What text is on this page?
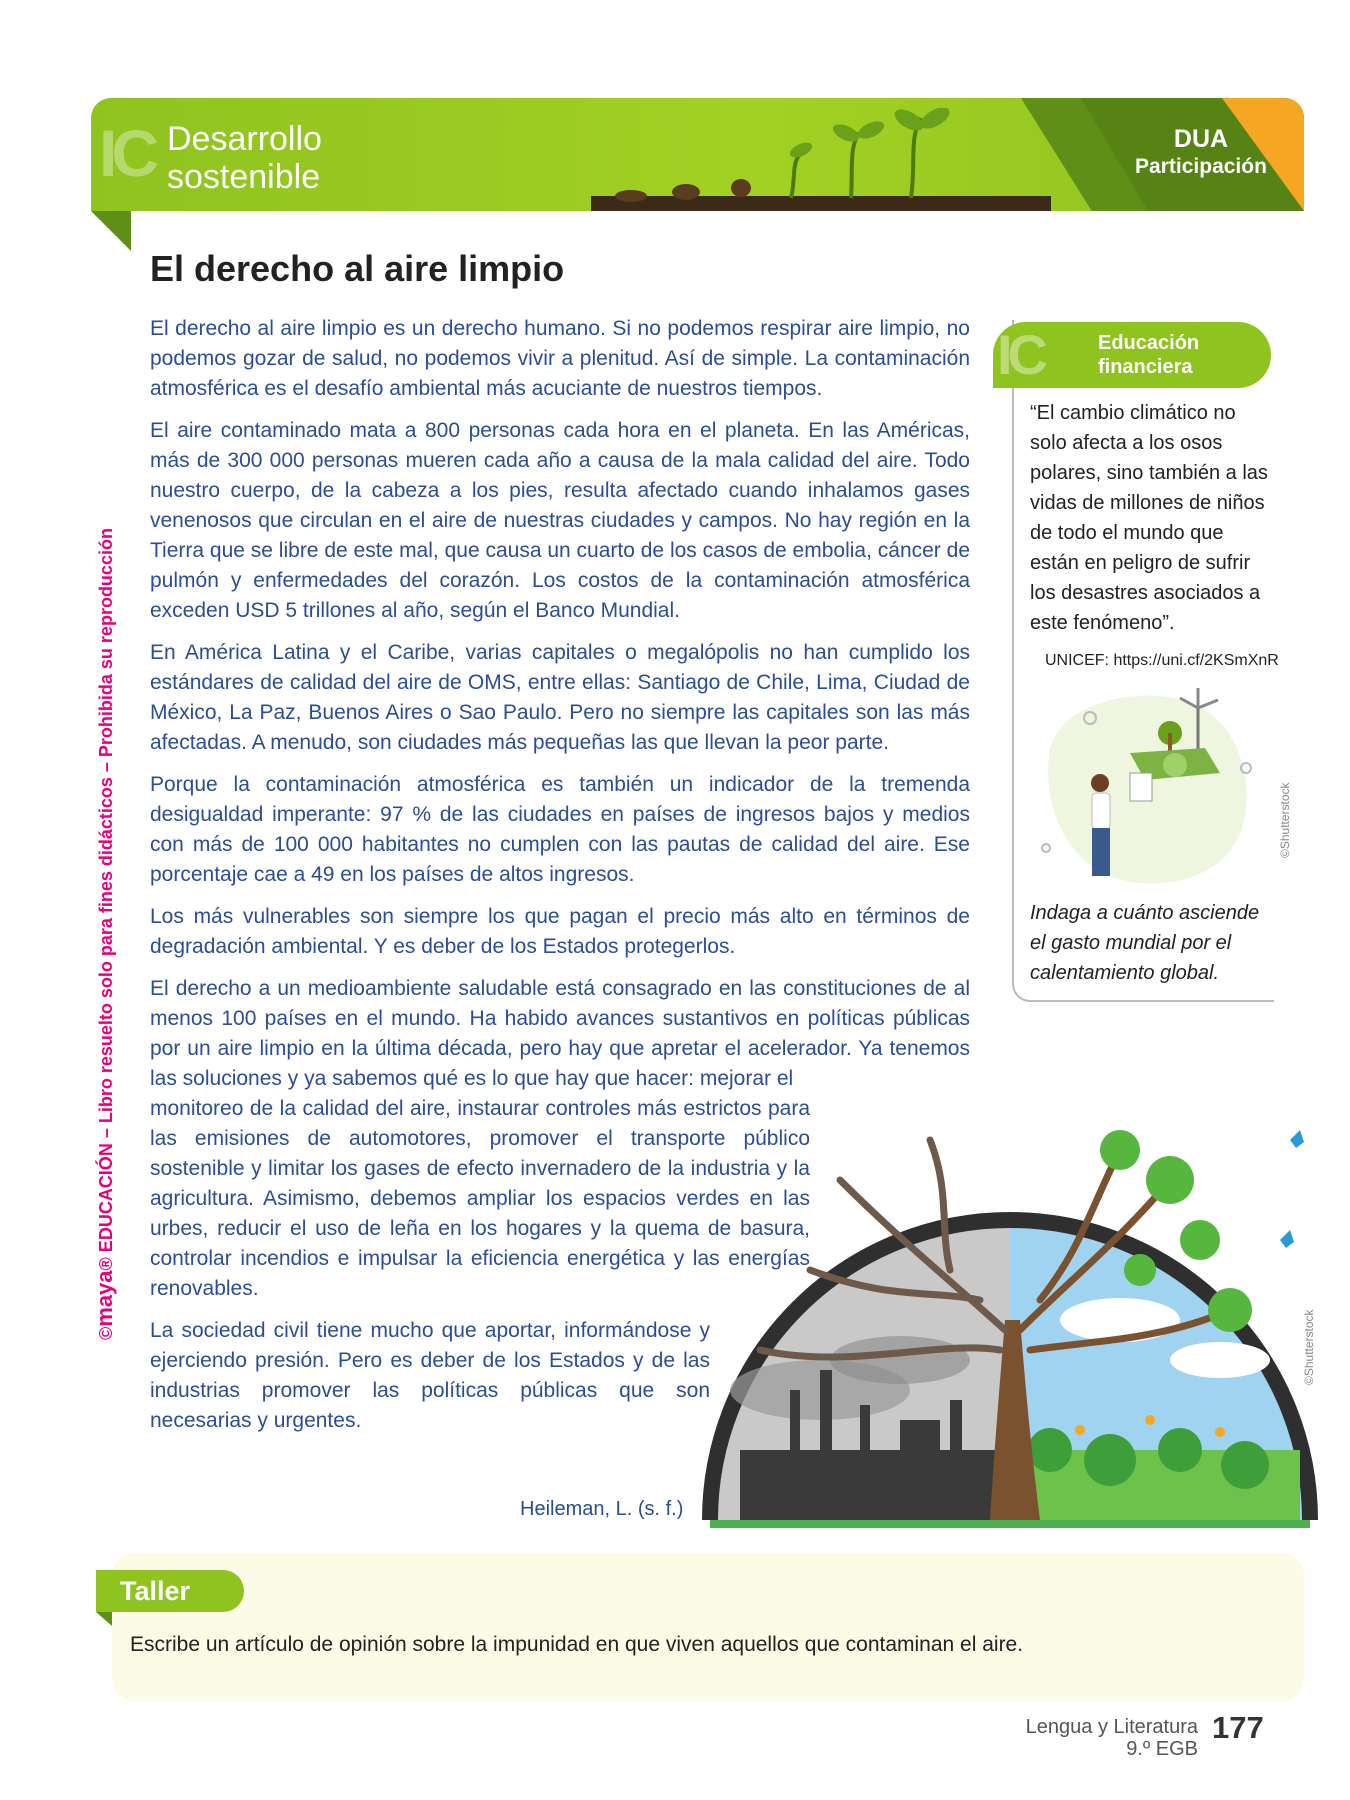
IC Desarrollo
sostenible
DUA
Participación
©maya® EDUCACIÓN – Libro resuelto solo para fines didácticos – Prohibida su reproducción
El derecho al aire limpio

El derecho al aire limpio es un derecho humano. Si no podemos respirar aire limpio, no podemos gozar de salud, no podemos vivir a plenitud. Así de simple. La contaminación atmosférica es el desafío ambiental más acuciante de nuestros tiempos.

El aire contaminado mata a 800 personas cada hora en el planeta. En las Américas, más de 300 000 personas mueren cada año a causa de la mala calidad del aire. Todo nuestro cuerpo, de la cabeza a los pies, resulta afectado cuando inhalamos gases venenosos que circulan en el aire de nuestras ciudades y campos. No hay región en la Tierra que se libre de este mal, que causa un cuarto de los casos de embolia, cáncer de pulmón y enfermedades del corazón. Los costos de la contaminación atmosférica exceden USD 5 trillones al año, según el Banco Mundial.

En América Latina y el Caribe, varias capitales o megalópolis no han cumplido los estándares de calidad del aire de OMS, entre ellas: Santiago de Chile, Lima, Ciudad de México, La Paz, Buenos Aires o Sao Paulo. Pero no siempre las capitales son las más afectadas. A menudo, son ciudades más pequeñas las que llevan la peor parte.

Porque la contaminación atmosférica es también un indicador de la tremenda desigualdad imperante: 97 % de las ciudades en países de ingresos bajos y medios con más de 100 000 habitantes no cumplen con las pautas de calidad del aire. Ese porcentaje cae a 49 en los países de altos ingresos.

Los más vulnerables son siempre los que pagan el precio más alto en términos de degradación ambiental. Y es deber de los Estados protegerlos.

El derecho a un medioambiente saludable está consagrado en las constituciones de al menos 100 países en el mundo. Ha habido avances sustantivos en políticas públicas por un aire limpio en la última década, pero hay que apretar el acelerador. Ya tenemos las soluciones y ya sabemos qué es lo que hay que hacer: mejorar el

monitoreo de la calidad del aire, instaurar controles más estrictos para las emisiones de automotores, promover el transporte público sostenible y limitar los gases de efecto invernadero de la industria y la agricultura. Asimismo, debemos ampliar los espacios verdes en las urbes, reducir el uso de leña en los hogares y la quema de basura, controlar incendios e impulsar la eficiencia energética y las energías renovables.

La sociedad civil tiene mucho que aportar, informándose y ejerciendo presión. Pero es deber de los Estados y de las industrias promover las políticas públicas que son necesarias y urgentes.

Heileman, L. (s. f.)
IC	Educación
financiera

“El cambio climático no solo afecta a los osos polares, sino también a las vidas de millones de niños de todo el mundo que están en peligro de sufrir los desastres asociados a este fenómeno”.

UNICEF: https://uni.cf/2KSmXnR
©Shutterstock

Indaga a cuánto asciende el gasto mundial por el calentamiento global.

©Shutterstock
Taller
Escribe un artículo de opinión sobre la impunidad en que viven aquellos que contaminan el aire.
Lengua y Literatura
9.º EGB
177
